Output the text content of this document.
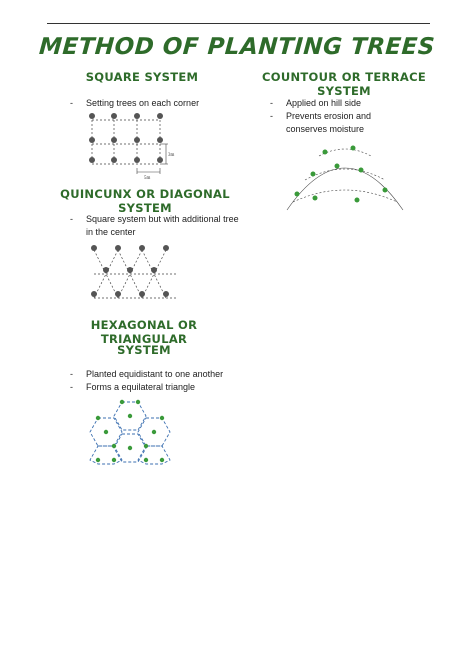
METHOD OF PLANTING TREES
SQUARE SYSTEM
-	Setting trees on each corner
3m
5m
COUNTOUR OR TERRACE SYSTEM
-	Applied on hill side
-	Prevents erosion and conserves moisture
QUINCUNX OR DIAGONAL SYSTEM
-	Square system but with additional tree in the center
HEXAGONAL OR TRIANGULAR
SYSTEM
-	Planted equidistant to one another
-	Forms a equilateral triangle
